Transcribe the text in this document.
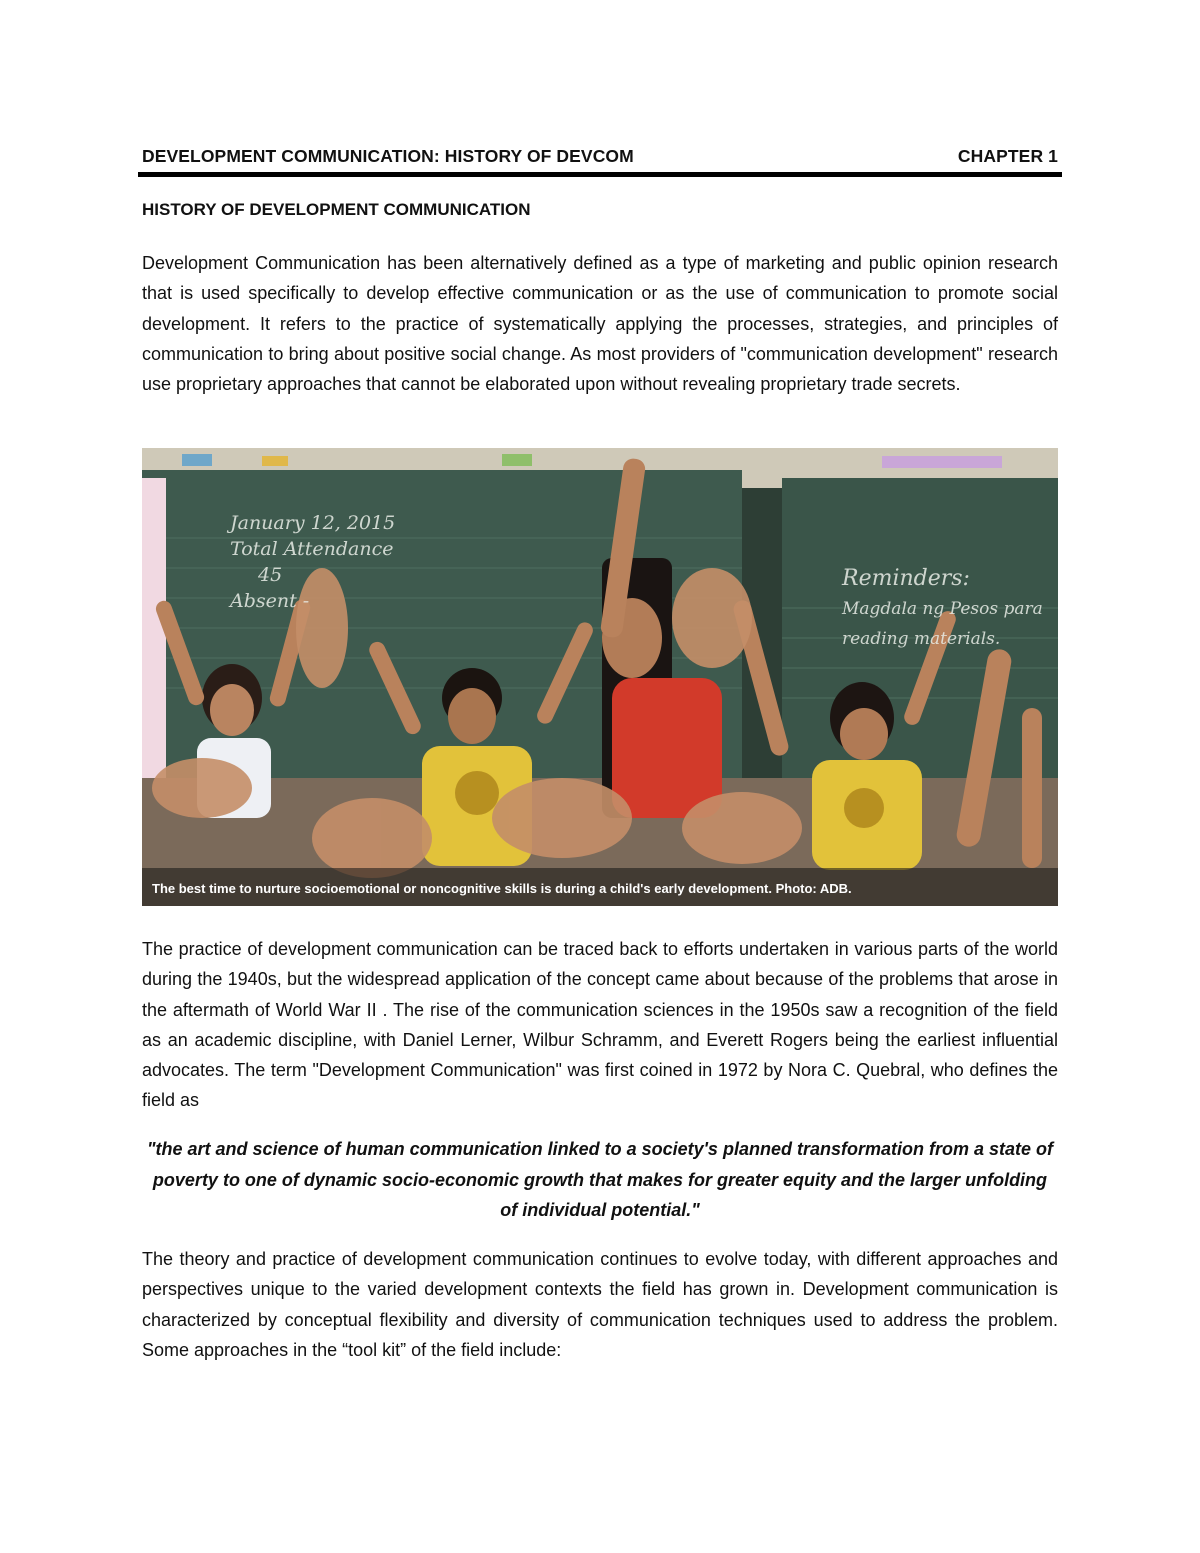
DEVELOPMENT COMMUNICATION: HISTORY OF DEVCOM	CHAPTER 1
HISTORY OF DEVELOPMENT COMMUNICATION

Development Communication has been alternatively defined as a type of marketing and public opinion research that is used specifically to develop effective communication or as the use of communication to promote social development. It refers to the practice of systematically applying the processes, strategies, and principles of communication to bring about positive social change. As most providers of "communication development" research use proprietary approaches that cannot be elaborated upon without revealing proprietary trade secrets.

January 12, 2015
Total Attendance
45
Absent -
Reminders:
Magdala ng Pesos para
reading materials.
The best time to nurture socioemotional or noncognitive skills is during a child's early development. Photo: ADB.

The practice of development communication can be traced back to efforts undertaken in various parts of the world during the 1940s, but the widespread application of the concept came about because of the problems that arose in the aftermath of World War II . The rise of the communication sciences in the 1950s saw a recognition of the field as an academic discipline, with Daniel Lerner, Wilbur Schramm, and Everett Rogers being the earliest influential advocates. The term "Development Communication" was first coined in 1972 by Nora C. Quebral, who defines the field as

"the art and science of human communication linked to a society's planned transformation from a state of poverty to one of dynamic socio-economic growth that makes for greater equity and the larger unfolding of individual potential."

The theory and practice of development communication continues to evolve today, with different approaches and perspectives unique to the varied development contexts the field has grown in. Development communication is characterized by conceptual flexibility and diversity of communication techniques used to address the problem. Some approaches in the “tool kit” of the field include:
